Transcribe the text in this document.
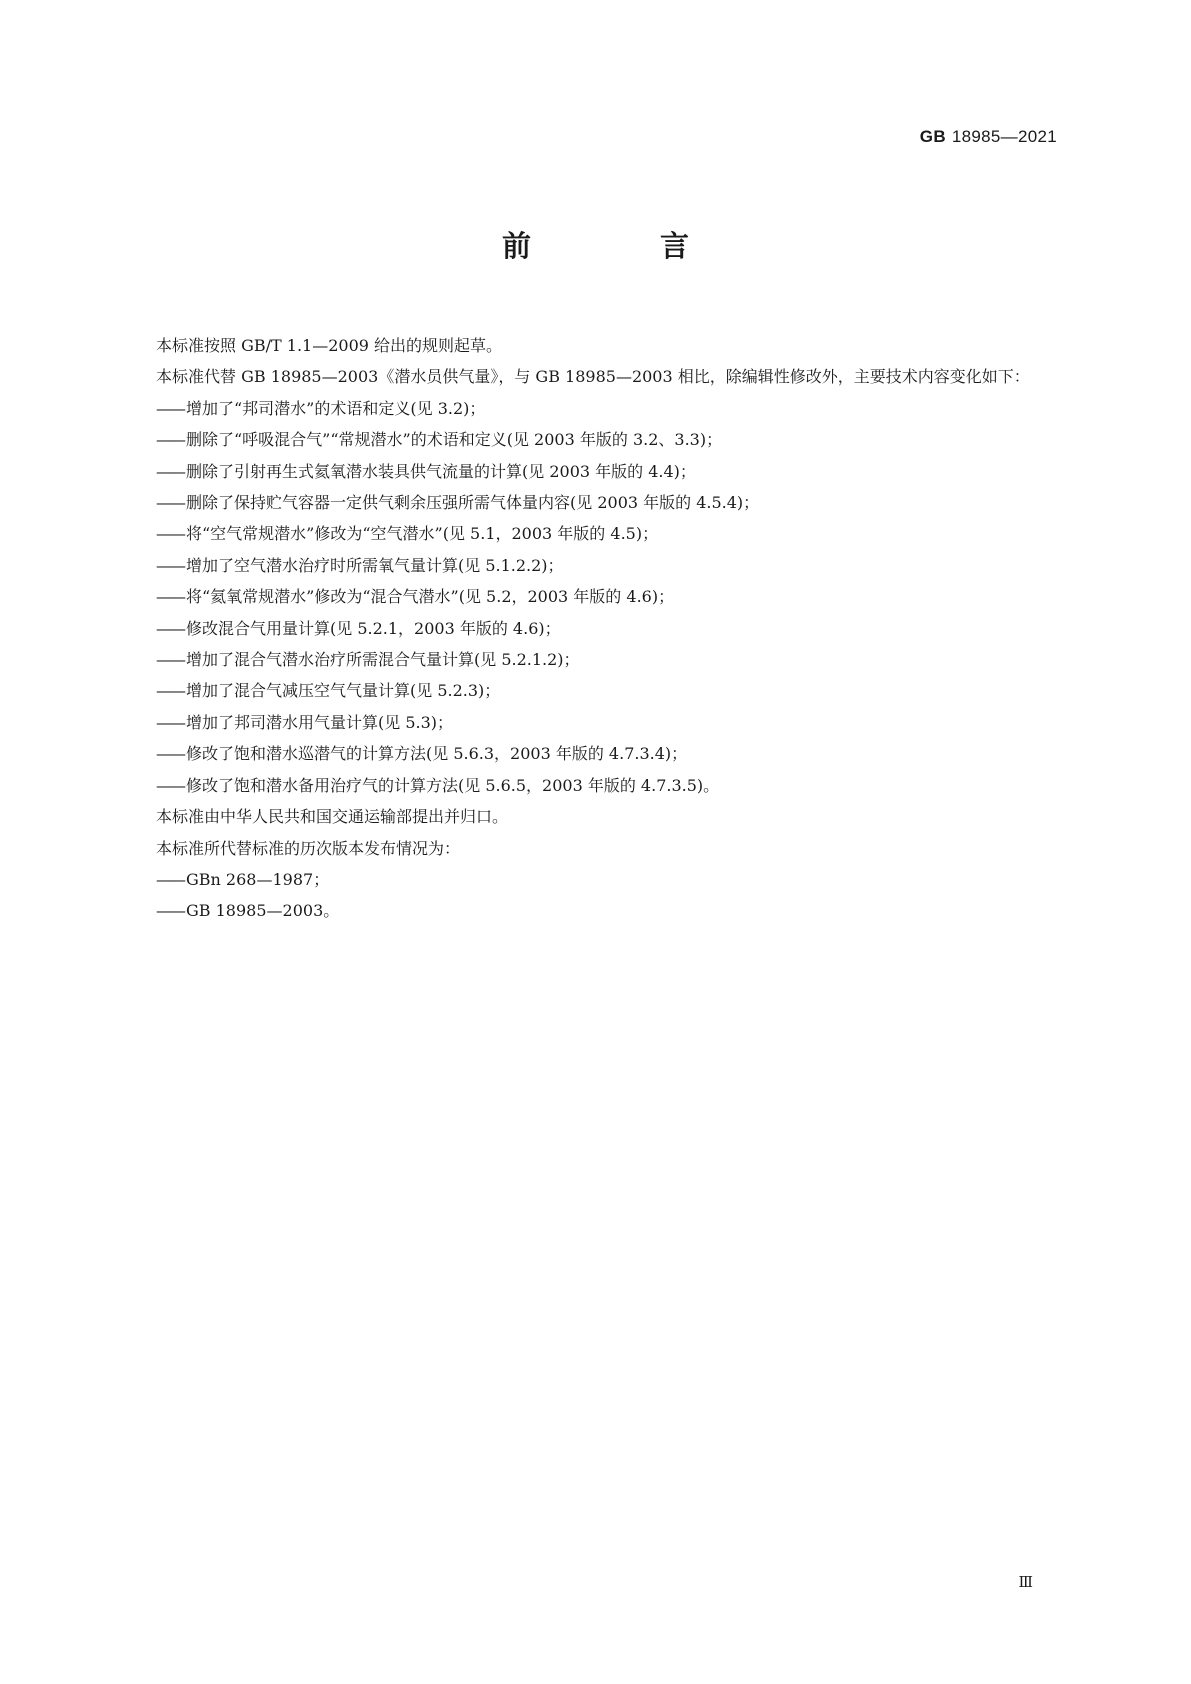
GB 18985—2021
前　言

本标准按照 GB/T 1.1—2009 给出的规则起草。

本标准代替 GB 18985—2003《潜水员供气量》，与 GB 18985—2003 相比，除编辑性修改外，主要技术内容变化如下：

—— 增加了“邦司潜水”的术语和定义(见 3.2)；

—— 删除了“呼吸混合气”“常规潜水”的术语和定义(见 2003 年版的 3.2、3.3)；

—— 删除了引射再生式氦氧潜水装具供气流量的计算(见 2003 年版的 4.4)；

—— 删除了保持贮气容器一定供气剩余压强所需气体量内容(见 2003 年版的 4.5.4)；

—— 将“空气常规潜水”修改为“空气潜水”(见 5.1，2003 年版的 4.5)；

—— 增加了空气潜水治疗时所需氧气量计算(见 5.1.2.2)；

—— 将“氦氧常规潜水”修改为“混合气潜水”(见 5.2，2003 年版的 4.6)；

—— 修改混合气用量计算(见 5.2.1，2003 年版的 4.6)；

—— 增加了混合气潜水治疗所需混合气量计算(见 5.2.1.2)；

—— 增加了混合气减压空气气量计算(见 5.2.3)；

—— 增加了邦司潜水用气量计算(见 5.3)；

—— 修改了饱和潜水巡潜气的计算方法(见 5.6.3，2003 年版的 4.7.3.4)；

—— 修改了饱和潜水备用治疗气的计算方法(见 5.6.5，2003 年版的 4.7.3.5)。

本标准由中华人民共和国交通运输部提出并归口。

本标准所代替标准的历次版本发布情况为：

—— GBn 268—1987；

—— GB 18985—2003。

Ⅲ
